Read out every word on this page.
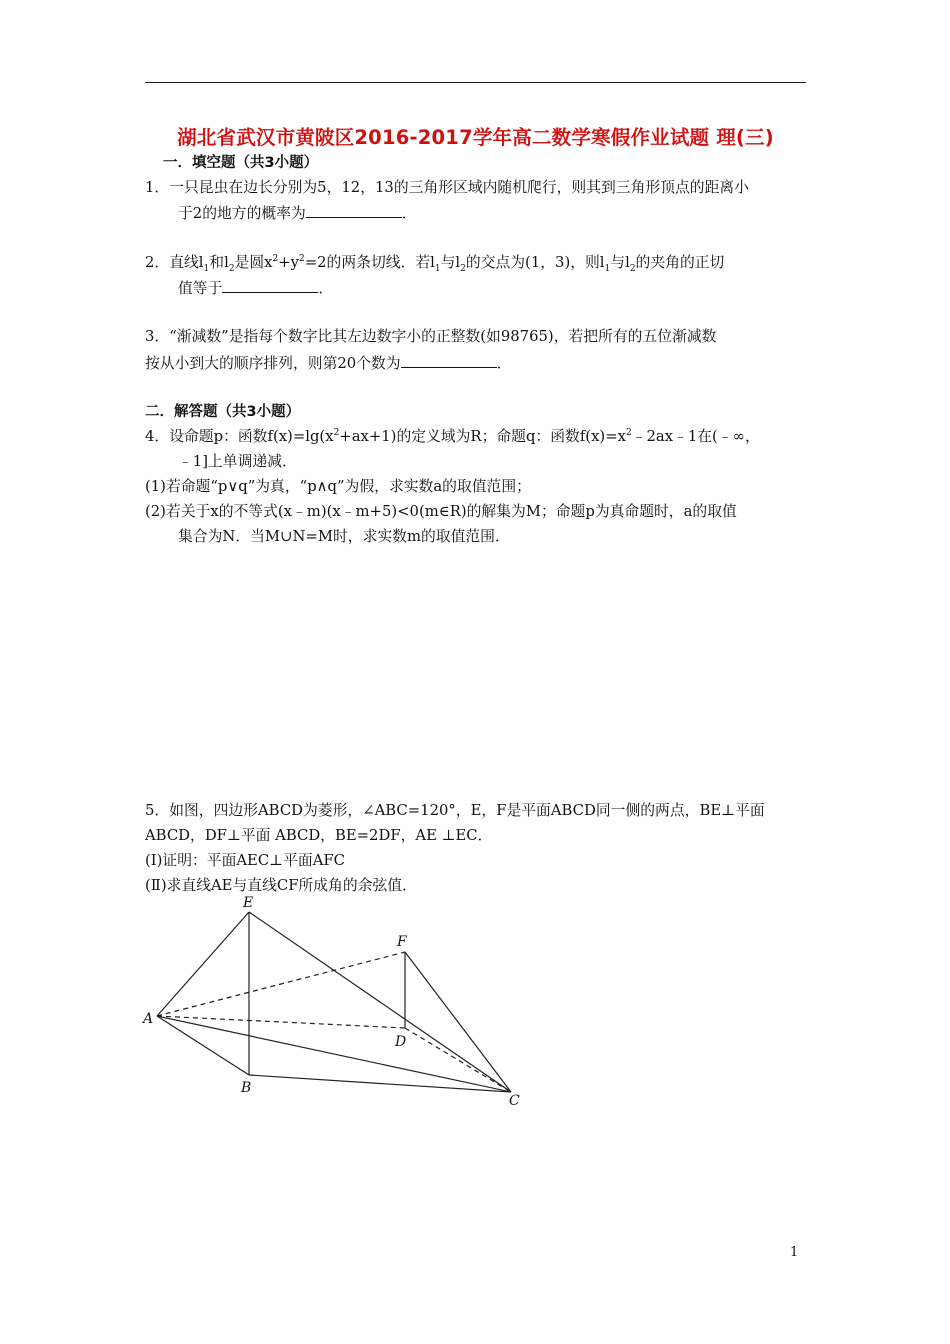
湖北省武汉市黄陂区2016-2017学年高二数学寒假作业试题 理(三)
一．填空题（共3小题）
1．一只昆虫在边长分别为5，12，13的三角形区域内随机爬行，则其到三角形顶点的距离小
于2的地方的概率为	．
2．直线$l_1$和$l_2$是圆$x^2+y^2=2$的两条切线．若$l_1$与$l_2$的交点为(1，3)，则$l_1$与$l_2$的夹角的正切
值等于	．
3．“渐减数”是指每个数字比其左边数字小的正整数(如98765)，若把所有的五位渐减数
按从小到大的顺序排列，则第20个数为	．
二．解答题（共3小题）
4．设命题p：函数$f(x)=\lg(x^2+ax+1)$的定义域为R；命题q：函数$f(x)=x^2﹣2ax﹣1$在(﹣∞，
﹣1]上单调递减．
(1)若命题“p∨q”为真，“p∧q”为假，求实数a的取值范围；
(2)若关于x的不等式(x﹣m)(x﹣m+5)<0(m∈R)的解集为M；命题p为真命题时，a的取值
集合为N．当M∪N=M时，求实数m的取值范围．
5．如图，四边形ABCD为菱形，∠ABC=120°，E，F是平面ABCD同一侧的两点，BE⊥平面
ABCD，DF⊥平面 ABCD，BE=2DF，AE ⊥EC．
(Ⅰ)证明：平面AEC⊥平面AFC
(Ⅱ)求直线AE与直线CF所成角的余弦值．
E
F
A
D
B
C
1
